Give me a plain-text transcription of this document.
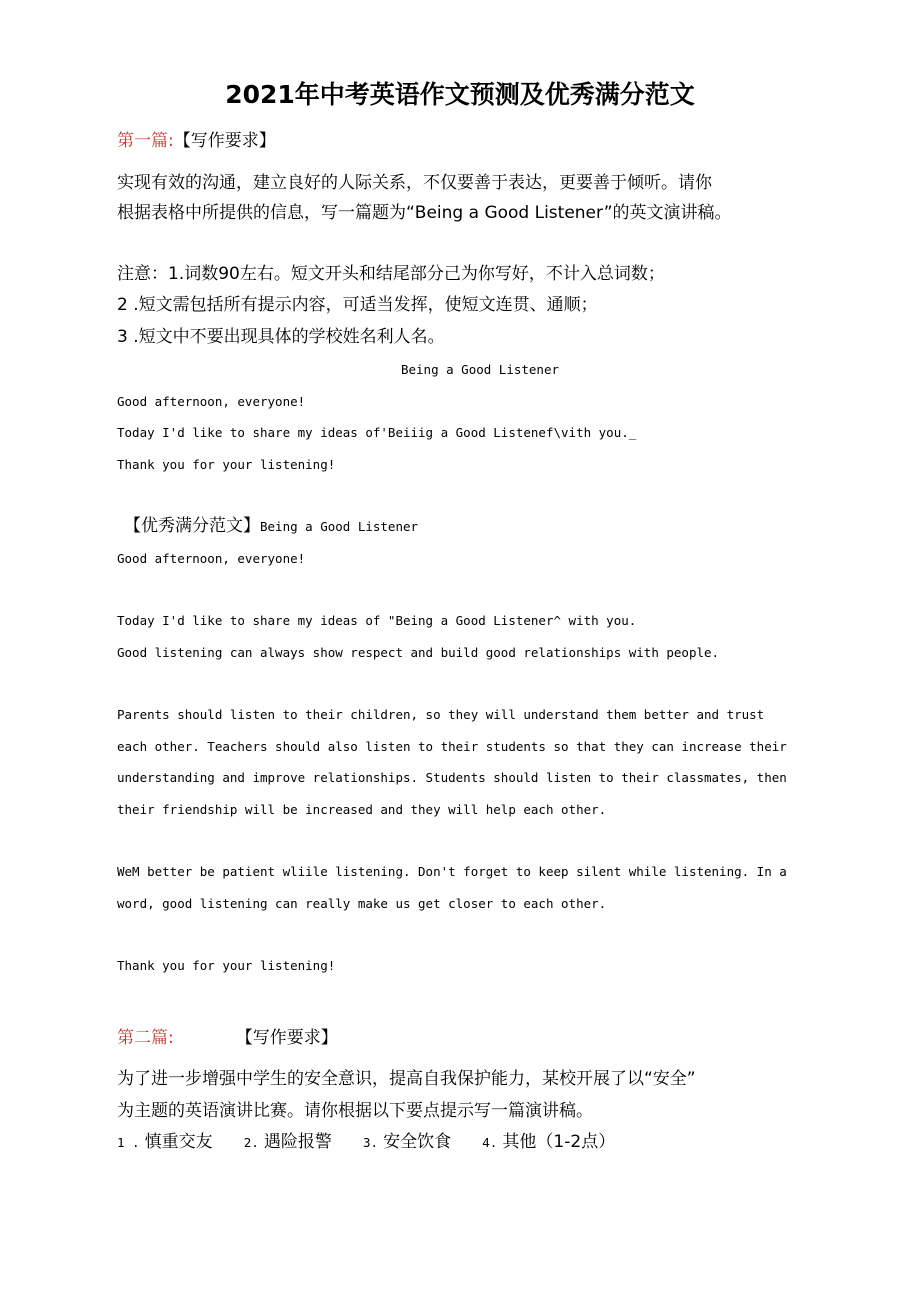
2021年中考英语作文预测及优秀满分范文
第一篇:【写作要求】
实现有效的沟通，建立良好的人际关系，不仅要善于表达，更要善于倾听。请你
根据表格中所提供的信息，写一篇题为“Being a Good Listener”的英文演讲稿。
注意：1.词数90左右。短文开头和结尾部分己为你写好，不计入总词数；
2 .短文需包括所有提示内容，可适当发挥，使短文连贯、通顺；
3 .短文中不要出现具体的学校姓名利人名。
Being a Good Listener
Good afternoon, everyone!
Today I'd like to share my ideas of'Beiiig a Good Listenef\vith you._
Thank you for your listening!
【优秀满分范文】Being a Good Listener
Good afternoon, everyone!
Today I'd like to share my ideas of "Being a Good Listener^ with you.
Good listening can always show respect and build good relationships with people.
Parents should listen to their children, so they will understand them better and trust
each other. Teachers should also listen to their students so that they can increase their
understanding and improve relationships. Students should listen to their classmates, then
their friendship will be increased and they will help each other.
WeM better be patient wliile listening. Don't forget to keep silent while listening. In a
word, good listening can really make us get closer to each other.
Thank you for your listening!
第二篇:	【写作要求】
为了进一步增强中学生的安全意识，提高自我保护能力，某校开展了以“安全”
为主题的英语演讲比赛。请你根据以下要点提示写一篇演讲稿。
1 . 慎重交友 2. 遇险报警 3. 安全饮食 4. 其他（1-2点）
